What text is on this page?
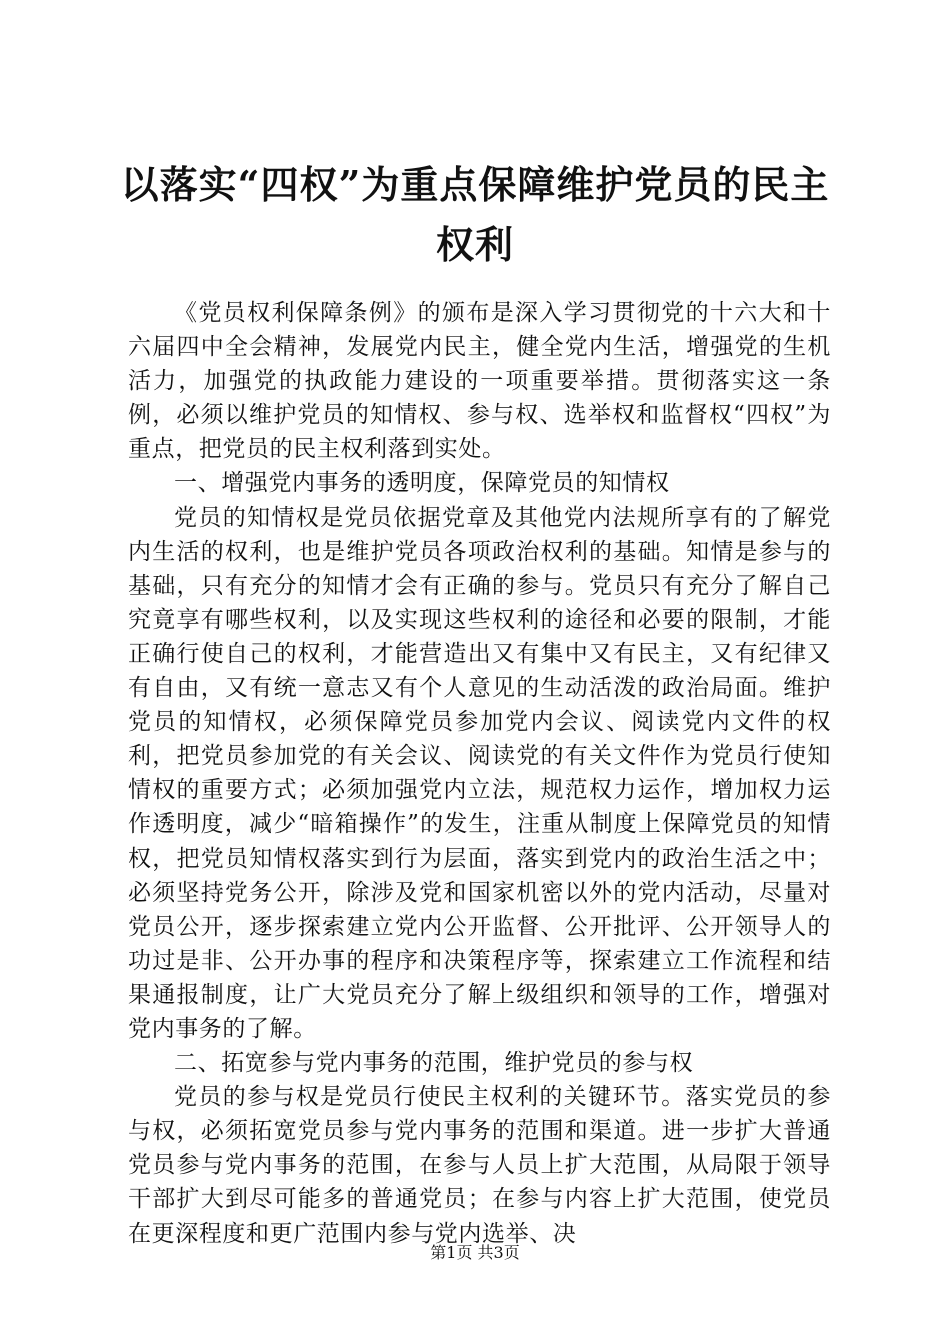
以落实“四权”为重点保障维护党员的民主权利

《党员权利保障条例》的颁布是深入学习贯彻党的十六大和十六届四中全会精神，发展党内民主，健全党内生活，增强党的生机活力，加强党的执政能力建设的一项重要举措。贯彻落实这一条例，必须以维护党员的知情权、参与权、选举权和监督权“四权”为重点，把党员的民主权利落到实处。

一、增强党内事务的透明度，保障党员的知情权

党员的知情权是党员依据党章及其他党内法规所享有的了解党内生活的权利，也是维护党员各项政治权利的基础。知情是参与的基础，只有充分的知情才会有正确的参与。党员只有充分了解自己究竟享有哪些权利，以及实现这些权利的途径和必要的限制，才能正确行使自己的权利，才能营造出又有集中又有民主，又有纪律又有自由，又有统一意志又有个人意见的生动活泼的政治局面。维护党员的知情权，必须保障党员参加党内会议、阅读党内文件的权利，把党员参加党的有关会议、阅读党的有关文件作为党员行使知情权的重要方式；必须加强党内立法，规范权力运作，增加权力运作透明度，减少“暗箱操作”的发生，注重从制度上保障党员的知情权，把党员知情权落实到行为层面，落实到党内的政治生活之中；必须坚持党务公开，除涉及党和国家机密以外的党内活动，尽量对党员公开，逐步探索建立党内公开监督、公开批评、公开领导人的功过是非、公开办事的程序和决策程序等，探索建立工作流程和结果通报制度，让广大党员充分了解上级组织和领导的工作，增强对党内事务的了解。

二、拓宽参与党内事务的范围，维护党员的参与权

党员的参与权是党员行使民主权利的关键环节。落实党员的参与权，必须拓宽党员参与党内事务的范围和渠道。进一步扩大普通党员参与党内事务的范围，在参与人员上扩大范围，从局限于领导干部扩大到尽可能多的普通党员；在参与内容上扩大范围，使党员在更深程度和更广范围内参与党内选举、决

第1页 共3页
